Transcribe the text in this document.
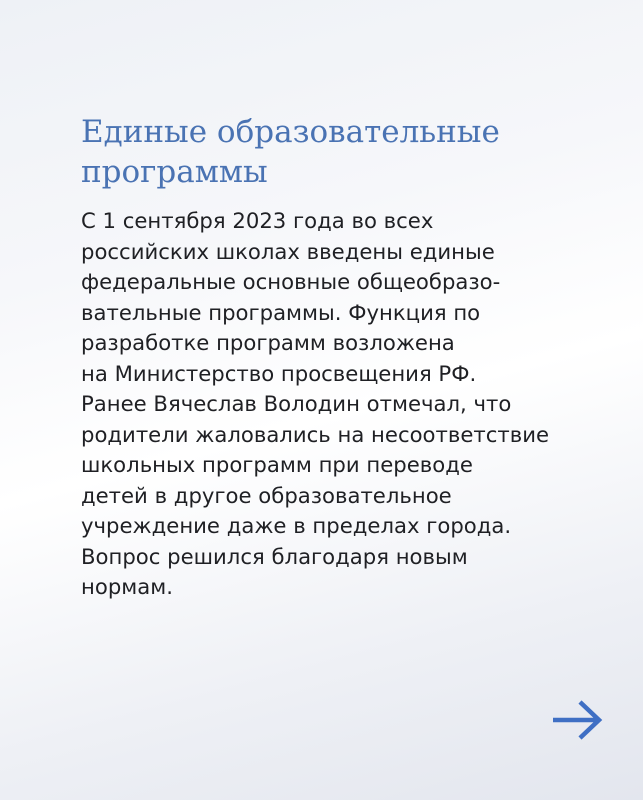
Единые образовательные
программы

С 1 сентября 2023 года во всех
российских школах введены единые
федеральные основные общеобразо-
вательные программы. Функция по
разработке программ возложена
на Министерство просвещения РФ.
Ранее Вячеслав Володин отмечал, что
родители жаловались на несоответствие
школьных программ при переводе
детей в другое образовательное
учреждение даже в пределах города.
Вопрос решился благодаря новым
нормам.
